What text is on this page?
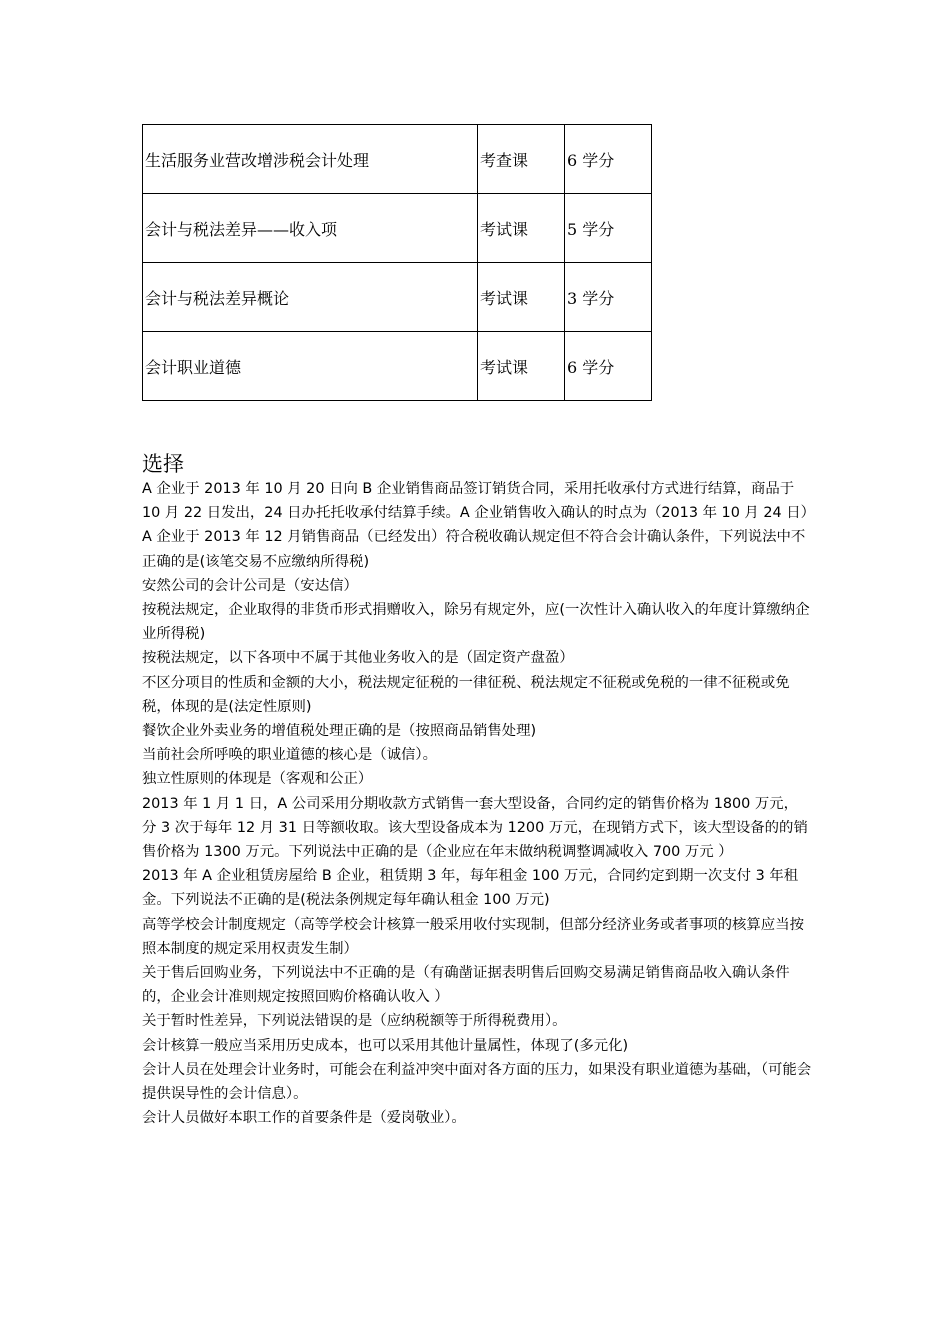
生活服务业营改增涉税会计处理	考查课	6 学分
会计与税法差异——收入项	考试课	5 学分
会计与税法差异概论	考试课	3 学分
会计职业道德	考试课	6 学分
选择

A 企业于 2013 年 10 月 20 日向 B 企业销售商品签订销货合同，采用托收承付方式进行结算，商品于 10 月 22 日发出，24 日办托托收承付结算手续。A 企业销售收入确认的时点为（2013 年 10 月 24 日）

A 企业于 2013 年 12 月销售商品（已经发出）符合税收确认规定但不符合会计确认条件，下列说法中不正确的是(该笔交易不应缴纳所得税)

安然公司的会计公司是（安达信）

按税法规定，企业取得的非货币形式捐赠收入，除另有规定外，应(一次性计入确认收入的年度计算缴纳企业所得税)

按税法规定，以下各项中不属于其他业务收入的是（固定资产盘盈）

不区分项目的性质和金额的大小，税法规定征税的一律征税、税法规定不征税或免税的一律不征税或免税，体现的是(法定性原则)

餐饮企业外卖业务的增值税处理正确的是（按照商品销售处理)

当前社会所呼唤的职业道德的核心是（诚信）。

独立性原则的体现是（客观和公正）

2013 年 1 月 1 日，A 公司采用分期收款方式销售一套大型设备，合同约定的销售价格为 1800 万元，分 3 次于每年 12 月 31 日等额收取。该大型设备成本为 1200 万元，在现销方式下，该大型设备的的销售价格为 1300 万元。下列说法中正确的是（企业应在年末做纳税调整调减收入 700 万元 ）

2013 年 A 企业租赁房屋给 B 企业，租赁期 3 年，每年租金 100 万元，合同约定到期一次支付 3 年租金。下列说法不正确的是(税法条例规定每年确认租金 100 万元)

高等学校会计制度规定（高等学校会计核算一般采用收付实现制，但部分经济业务或者事项的核算应当按照本制度的规定采用权责发生制）

关于售后回购业务，下列说法中不正确的是（有确凿证据表明售后回购交易满足销售商品收入确认条件的，企业会计准则规定按照回购价格确认收入 ）

关于暂时性差异，下列说法错误的是（应纳税额等于所得税费用）。

会计核算一般应当采用历史成本，也可以采用其他计量属性，体现了(多元化)

会计人员在处理会计业务时，可能会在利益冲突中面对各方面的压力，如果没有职业道德为基础，（可能会提供误导性的会计信息）。

会计人员做好本职工作的首要条件是（爱岗敬业）。
